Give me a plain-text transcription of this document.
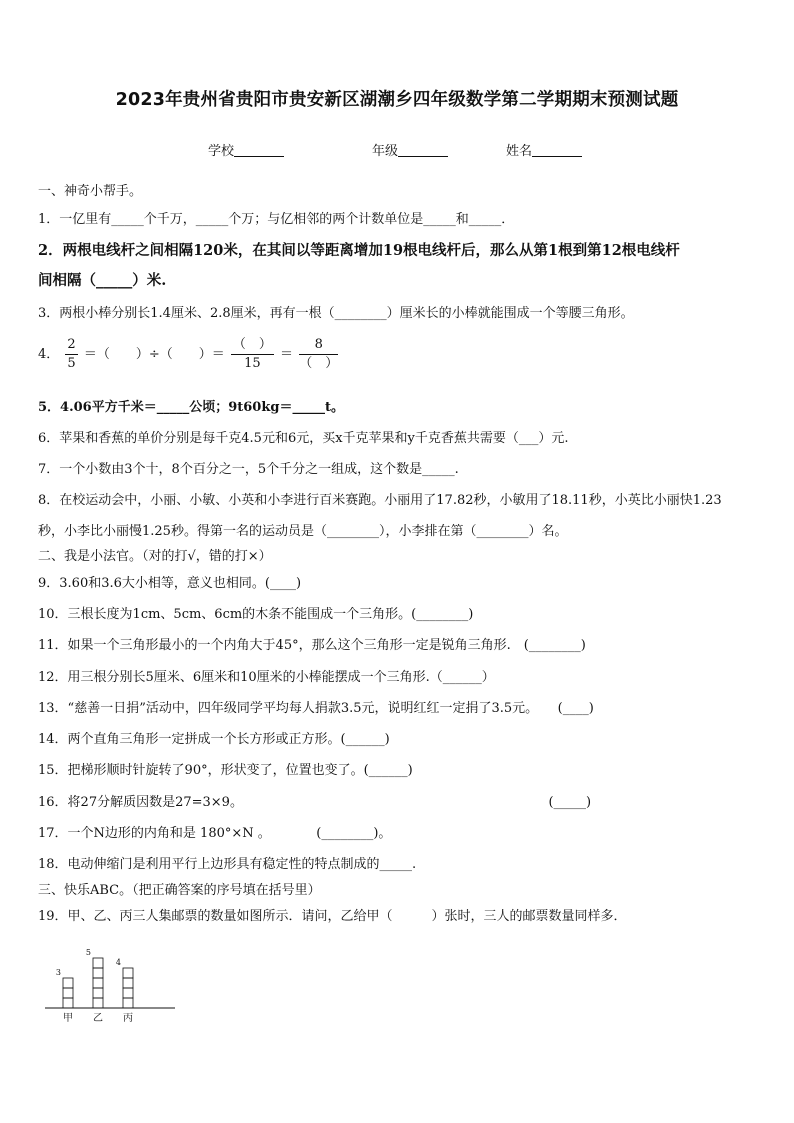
2023年贵州省贵阳市贵安新区湖潮乡四年级数学第二学期期末预测试题
学校	年级	姓名
一、神奇小帮手。
1．一亿里有_____个千万，_____个万；与亿相邻的两个计数单位是_____和_____．
2．两根电线杆之间相隔120米，在其间以等距离增加19根电线杆后，那么从第1根到第12根电线杆
间相隔（_____）米.
3．两根小棒分别长1.4厘米、2.8厘米，再有一根（________）厘米长的小棒就能围成一个等腰三角形。
4． $\frac{2}{5}$ ＝（　　）÷（　　）＝ $\frac{( )}{15} = \frac{8}{( )}$
5．4.06平方千米＝_____公顷；9t60kg＝_____t。
6．苹果和香蕉的单价分别是每千克4.5元和6元，买x千克苹果和y千克香蕉共需要（___）元.
7．一个小数由3个十，8个百分之一，5个千分之一组成，这个数是_____.
8．在校运动会中，小丽、小敏、小英和小李进行百米赛跑。小丽用了17.82秒，小敏用了18.11秒，小英比小丽快1.23
秒，小李比小丽慢1.25秒。得第一名的运动员是（________），小李排在第（________）名。
二、我是小法官。（对的打√，错的打×）
9．3.60和3.6大小相等，意义也相同。(____)
10．三根长度为1cm、5cm、6cm的木条不能围成一个三角形。(________)
11．如果一个三角形最小的一个内角大于45°，那么这个三角形一定是锐角三角形.　(________)
12．用三根分别长5厘米、6厘米和10厘米的小棒能摆成一个三角形.（______）
13．“慈善一日捐”活动中，四年级同学平均每人捐款3.5元，说明红红一定捐了3.5元。　　(____)
14．两个直角三角形一定拼成一个长方形或正方形。(______)
15．把梯形顺时针旋转了90°，形状变了，位置也变了。(______)
16．将27分解质因数是27=3×9。　　　　　　　　　　　　　　　　　　　　　　　　(_____)
17．一个N边形的内角和是 180°×N 。　　　　(________)。
18．电动伸缩门是利用平行上边形具有稳定性的特点制成的_____.
三、快乐ABC。（把正确答案的序号填在括号里）
19．甲、乙、丙三人集邮票的数量如图所示．请问，乙给甲（　　　）张时，三人的邮票数量同样多．
3
甲
5
乙
4
丙
